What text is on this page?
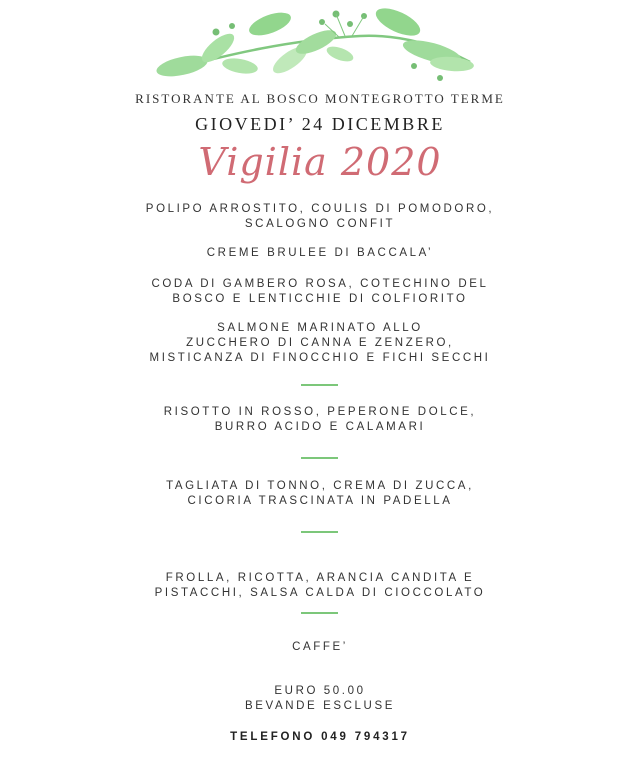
RISTORANTE AL BOSCO MONTEGROTTO TERME
GIOVEDI’ 24 DICEMBRE
Vigilia 2020

POLIPO ARROSTITO, COULIS DI POMODORO,
SCALOGNO CONFIT

CREME BRULEE DI BACCALA’

CODA DI GAMBERO ROSA, COTECHINO DEL
BOSCO E LENTICCHIE DI COLFIORITO

SALMONE MARINATO ALLO
ZUCCHERO DI CANNA E ZENZERO,
MISTICANZA DI FINOCCHIO E FICHI SECCHI

RISOTTO IN ROSSO, PEPERONE DOLCE,
BURRO ACIDO E CALAMARI

TAGLIATA DI TONNO, CREMA DI ZUCCA,
CICORIA TRASCINATA IN PADELLA

FROLLA, RICOTTA, ARANCIA CANDITA E
PISTACCHI, SALSA CALDA DI CIOCCOLATO

CAFFE’

EURO 50.00
BEVANDE ESCLUSE
TELEFONO 049 794317
